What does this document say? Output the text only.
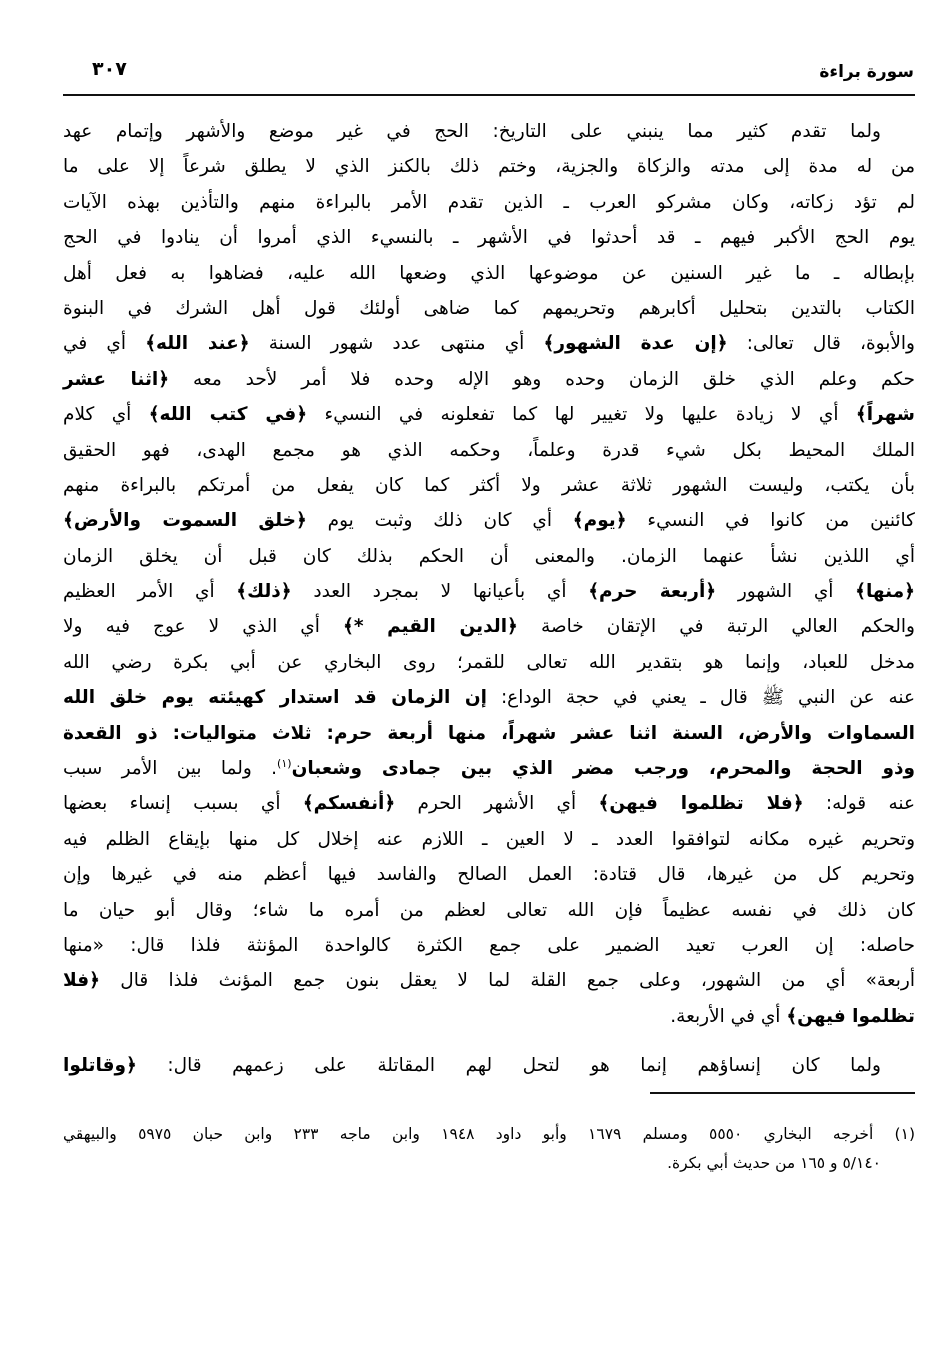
سورة براءة
٣٠٧
ولما تقدم كثير مما ينبني على التاريخ: الحج في غير موضع والأشهر وإتمام عهد
من له مدة إلى مدته والزكاة والجزية، وختم ذلك بالكنز الذي لا يطلق شرعاً إلا على ما
لم تؤد زكاته، وكان مشركو العرب ـ الذين تقدم الأمر بالبراءة منهم والتأذين بهذه الآيات
يوم الحج الأكبر فيهم ـ قد أحدثوا في الأشهر ـ بالنسيء الذي أمروا أن ينادوا في الحج
بإبطاله ـ ما غير السنين عن موضوعها الذي وضعها الله عليه، فضاهوا به فعل أهل
الكتاب بالتدين بتحليل أكابرهم وتحريمهم كما ضاهى أولئك قول أهل الشرك في البنوة
والأبوة، قال تعالى: ﴿إن عدة الشهور﴾ أي منتهى عدد شهور السنة ﴿عند الله﴾ أي في
حكم وعلم الذي خلق الزمان وحده وهو الإله وحده فلا أمر لأحد معه ﴿اثنا عشر
شهراً﴾ أي لا زيادة عليها ولا تغيير لها كما تفعلونه في النسيء ﴿في كتب الله﴾ أي كلام
الملك المحيط بكل شيء قدرة وعلماً، وحكمه الذي هو مجمع الهدى، فهو الحقيق
بأن يكتب، وليست الشهور ثلاثة عشر ولا أكثر كما كان يفعل من أمرتكم بالبراءة منهم
كائنين من كانوا في النسيء ﴿يوم﴾ أي كان ذلك وثبت يوم ﴿خلق السموت والأرض﴾
أي اللذين نشأ عنهما الزمان. والمعنى أن الحكم بذلك كان قبل أن يخلق الزمان
﴿منها﴾ أي الشهور ﴿أربعة حرم﴾ أي بأعيانها لا بمجرد العدد ﴿ذلك﴾ أي الأمر العظيم
والحكم العالي الرتبة في الإتقان خاصة ﴿الدين القيم *﴾ أي الذي لا عوج فيه ولا
مدخل للعباد، وإنما هو بتقدير الله تعالى للقمر؛ روى البخاري عن أبي بكرة رضي الله
عنه عن النبي ﷺ قال ـ يعني في حجة الوداع: إن الزمان قد استدار كهيئته يوم خلق الله
السماوات والأرض، السنة اثنا عشر شهراً، منها أربعة حرم: ثلاث متواليات: ذو القعدة
وذو الحجة والمحرم، ورجب مضر الذي بين جمادى وشعبان$^{(١)}$. ولما بين الأمر سبب
عنه قوله: ﴿فلا تظلموا فيهن﴾ أي الأشهر الحرم ﴿أنفسكم﴾ أي بسبب إنساء بعضها
وتحريم غيره مكانه لتوافقوا العدد ـ لا العين ـ اللازم عنه إخلال كل منها بإيقاع الظلم فيه
وتحريم كل من غيرها، قال قتادة: العمل الصالح والفاسد فيها أعظم منه في غيرها وإن
كان ذلك في نفسه عظيماً فإن الله تعالى لعظم من أمره ما شاء؛ وقال أبو حيان ما
حاصله: إن العرب تعيد الضمير على جمع الكثرة كالواحدة المؤنثة فلذا قال: «منها
أربعة» أي من الشهور، وعلى جمع القلة لما لا يعقل بنون جمع المؤنث فلذا قال ﴿فلا
تظلموا فيهن﴾ أي في الأربعة.
ولما كان إنساؤهم إنما هو لتحل لهم المقاتلة على زعمهم قال: ﴿وقاتلوا
(١) أخرجه البخاري ٥٥٥٠ ومسلم ١٦٧٩ وأبو داود ١٩٤٨ وابن ماجه ٢٣٣ وابن حبان ٥٩٧٥ والبيهقي
٥/١٤٠ و ١٦٥ من حديث أبي بكرة.
